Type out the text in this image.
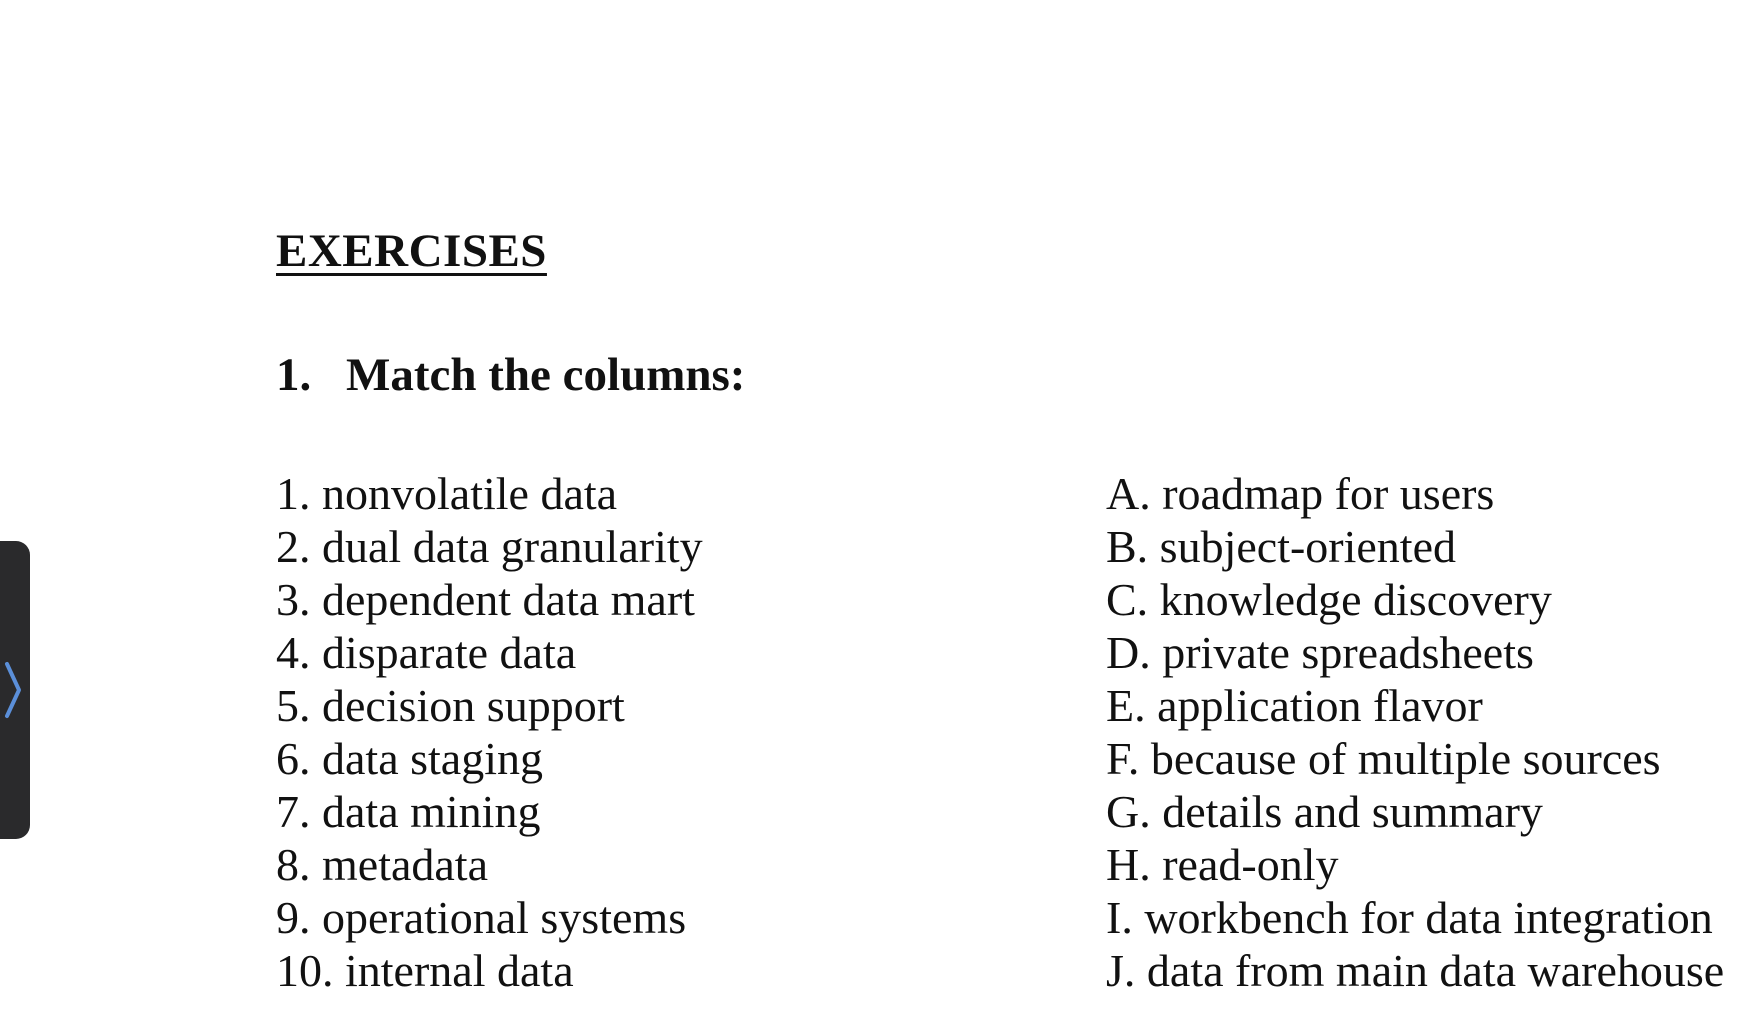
EXERCISES
1. Match the columns:
1. nonvolatile data
2. dual data granularity
3. dependent data mart
4. disparate data
5. decision support
6. data staging
7. data mining
8. metadata
9. operational systems
10. internal data
A. roadmap for users
B. subject-oriented
C. knowledge discovery
D. private spreadsheets
E. application flavor
F. because of multiple sources
G. details and summary
H. read-only
I. workbench for data integration
J. data from main data warehouse
